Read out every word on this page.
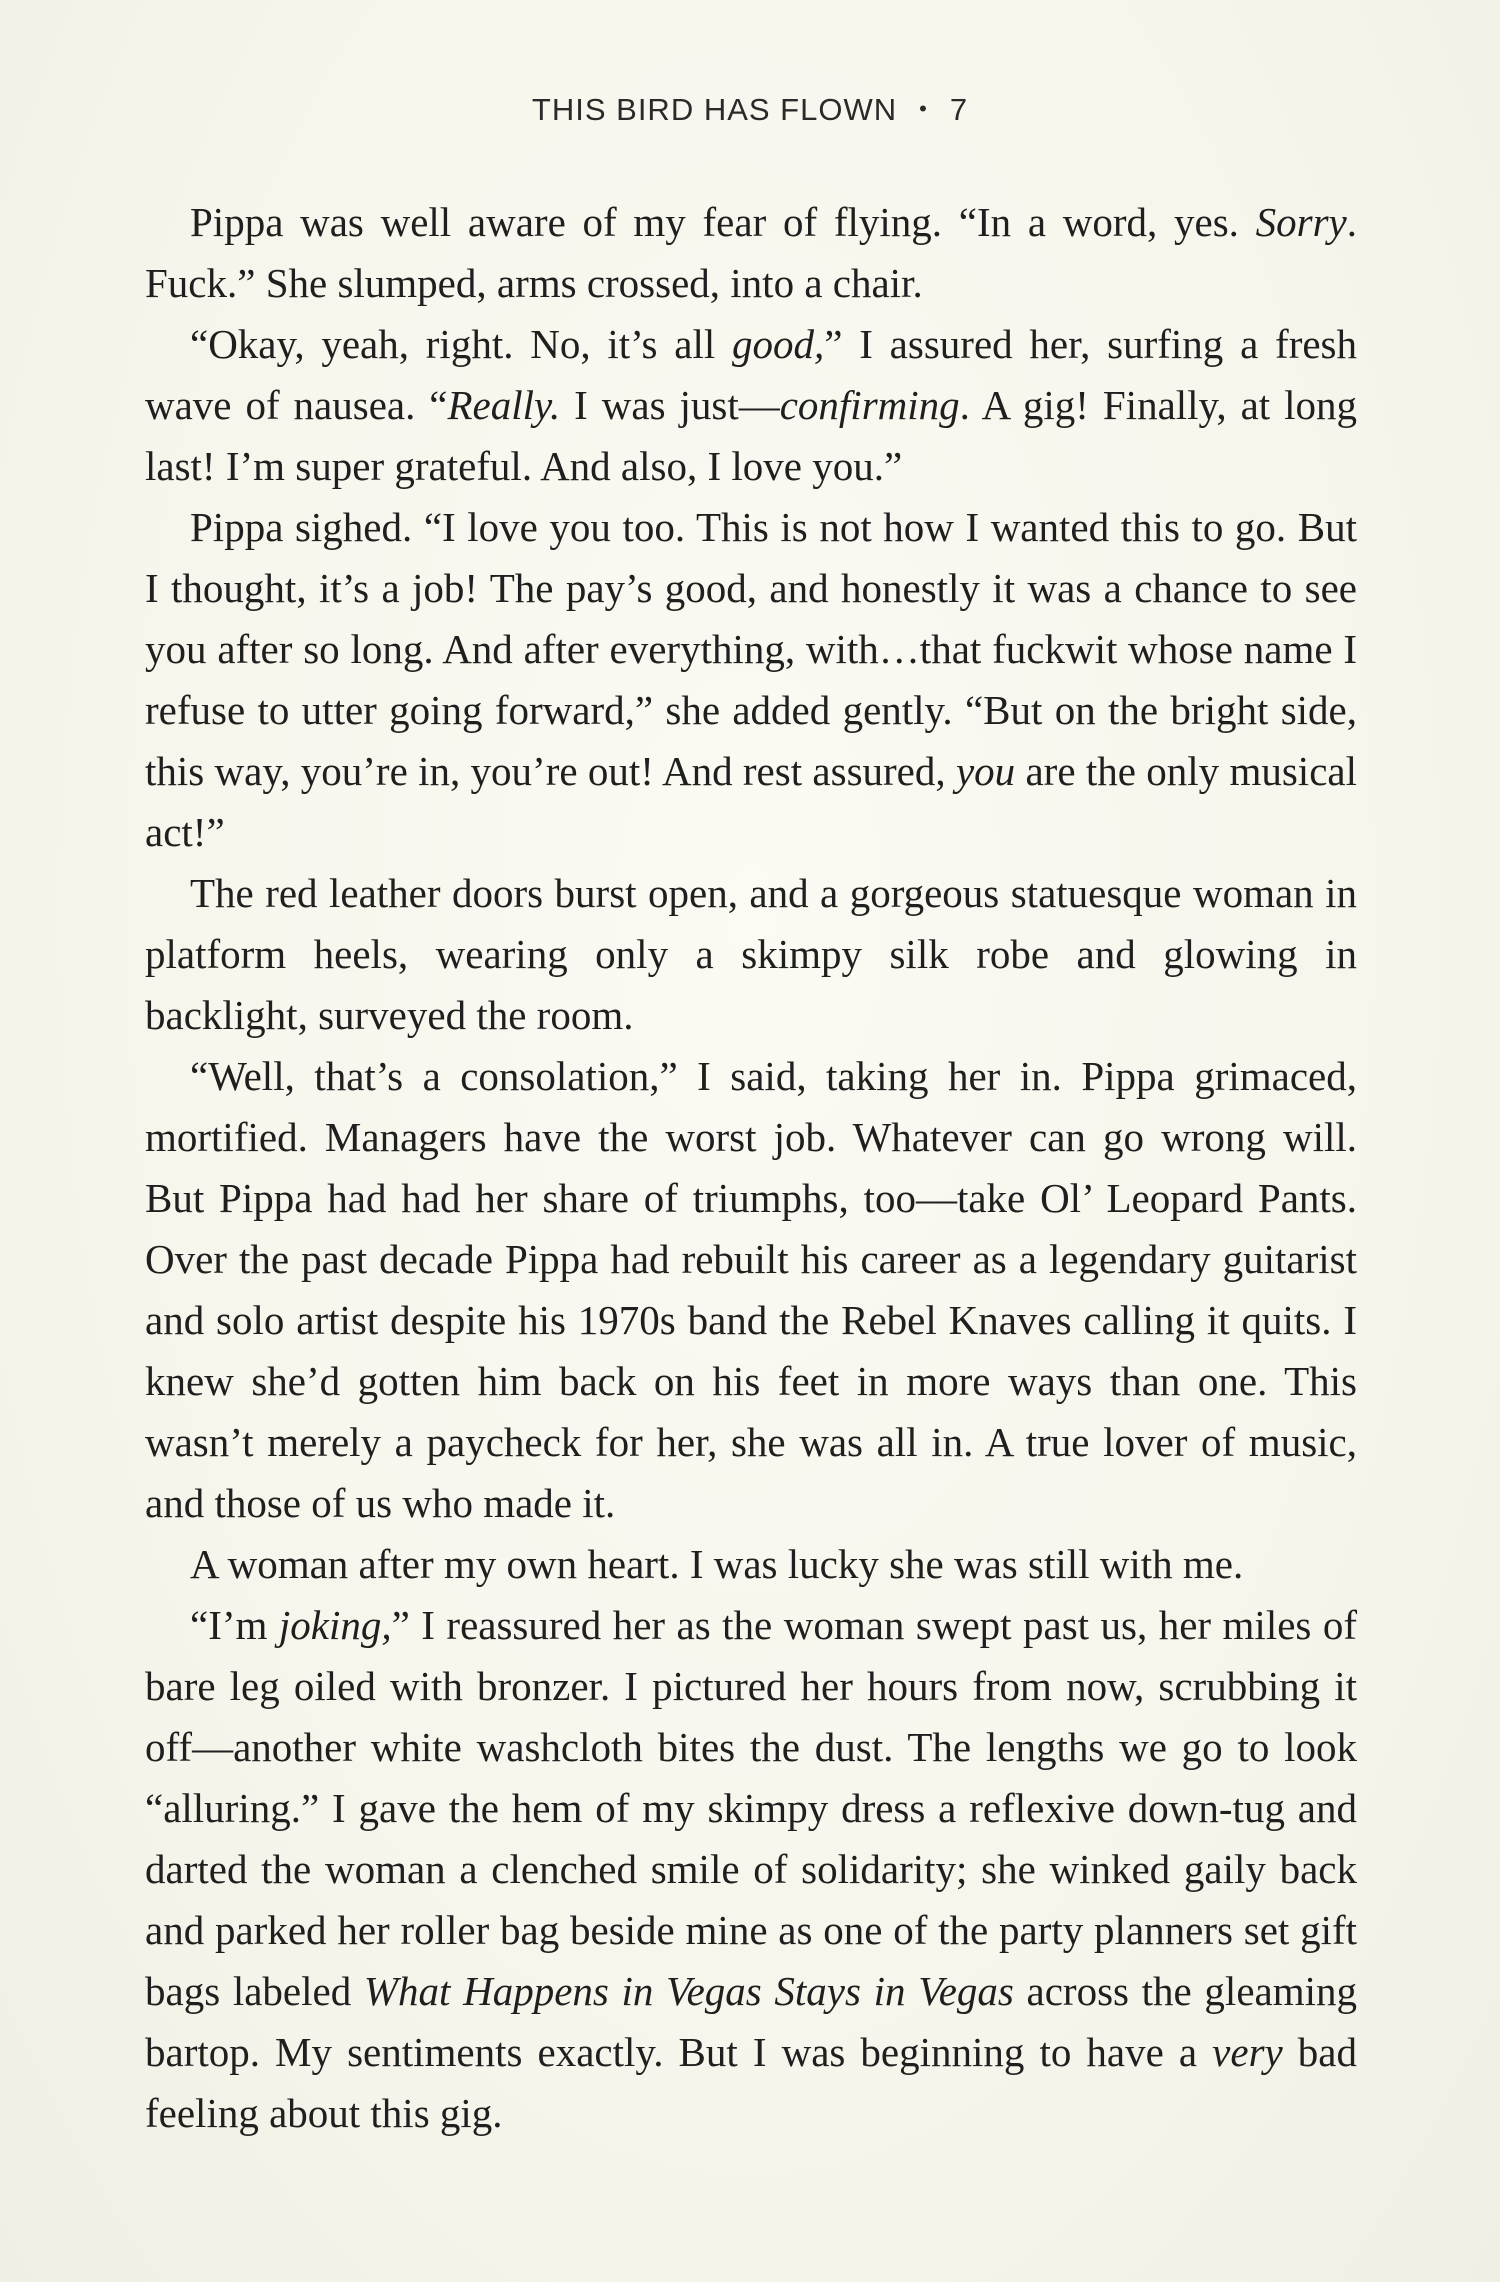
THIS BIRD HAS FLOWN • 7

Pippa was well aware of my fear of flying. “In a word, yes. Sorry. Fuck.” She slumped, arms crossed, into a chair.

“Okay, yeah, right. No, it’s all good,” I assured her, surfing a fresh wave of nausea. “Really. I was just—confirming. A gig! Finally, at long last! I’m super grateful. And also, I love you.”

Pippa sighed. “I love you too. This is not how I wanted this to go. But I thought, it’s a job! The pay’s good, and honestly it was a chance to see you after so long. And after everything, with…that fuckwit whose name I refuse to utter going forward,” she added gently. “But on the bright side, this way, you’re in, you’re out! And rest assured, you are the only musical act!”

The red leather doors burst open, and a gorgeous statuesque woman in platform heels, wearing only a skimpy silk robe and glowing in backlight, surveyed the room.

“Well, that’s a consolation,” I said, taking her in. Pippa grimaced, mortified. Managers have the worst job. Whatever can go wrong will. But Pippa had had her share of triumphs, too—take Ol’ Leopard Pants. Over the past decade Pippa had rebuilt his career as a legendary guitarist and solo artist despite his 1970s band the Rebel Knaves calling it quits. I knew she’d gotten him back on his feet in more ways than one. This wasn’t merely a paycheck for her, she was all in. A true lover of music, and those of us who made it.

A woman after my own heart. I was lucky she was still with me.

“I’m joking,” I reassured her as the woman swept past us, her miles of bare leg oiled with bronzer. I pictured her hours from now, scrubbing it off—another white washcloth bites the dust. The lengths we go to look “alluring.” I gave the hem of my skimpy dress a reflexive down-tug and darted the woman a clenched smile of solidarity; she winked gaily back and parked her roller bag beside mine as one of the party planners set gift bags labeled What Happens in Vegas Stays in Vegas across the gleaming bartop. My sentiments exactly. But I was beginning to have a very bad feeling about this gig.
